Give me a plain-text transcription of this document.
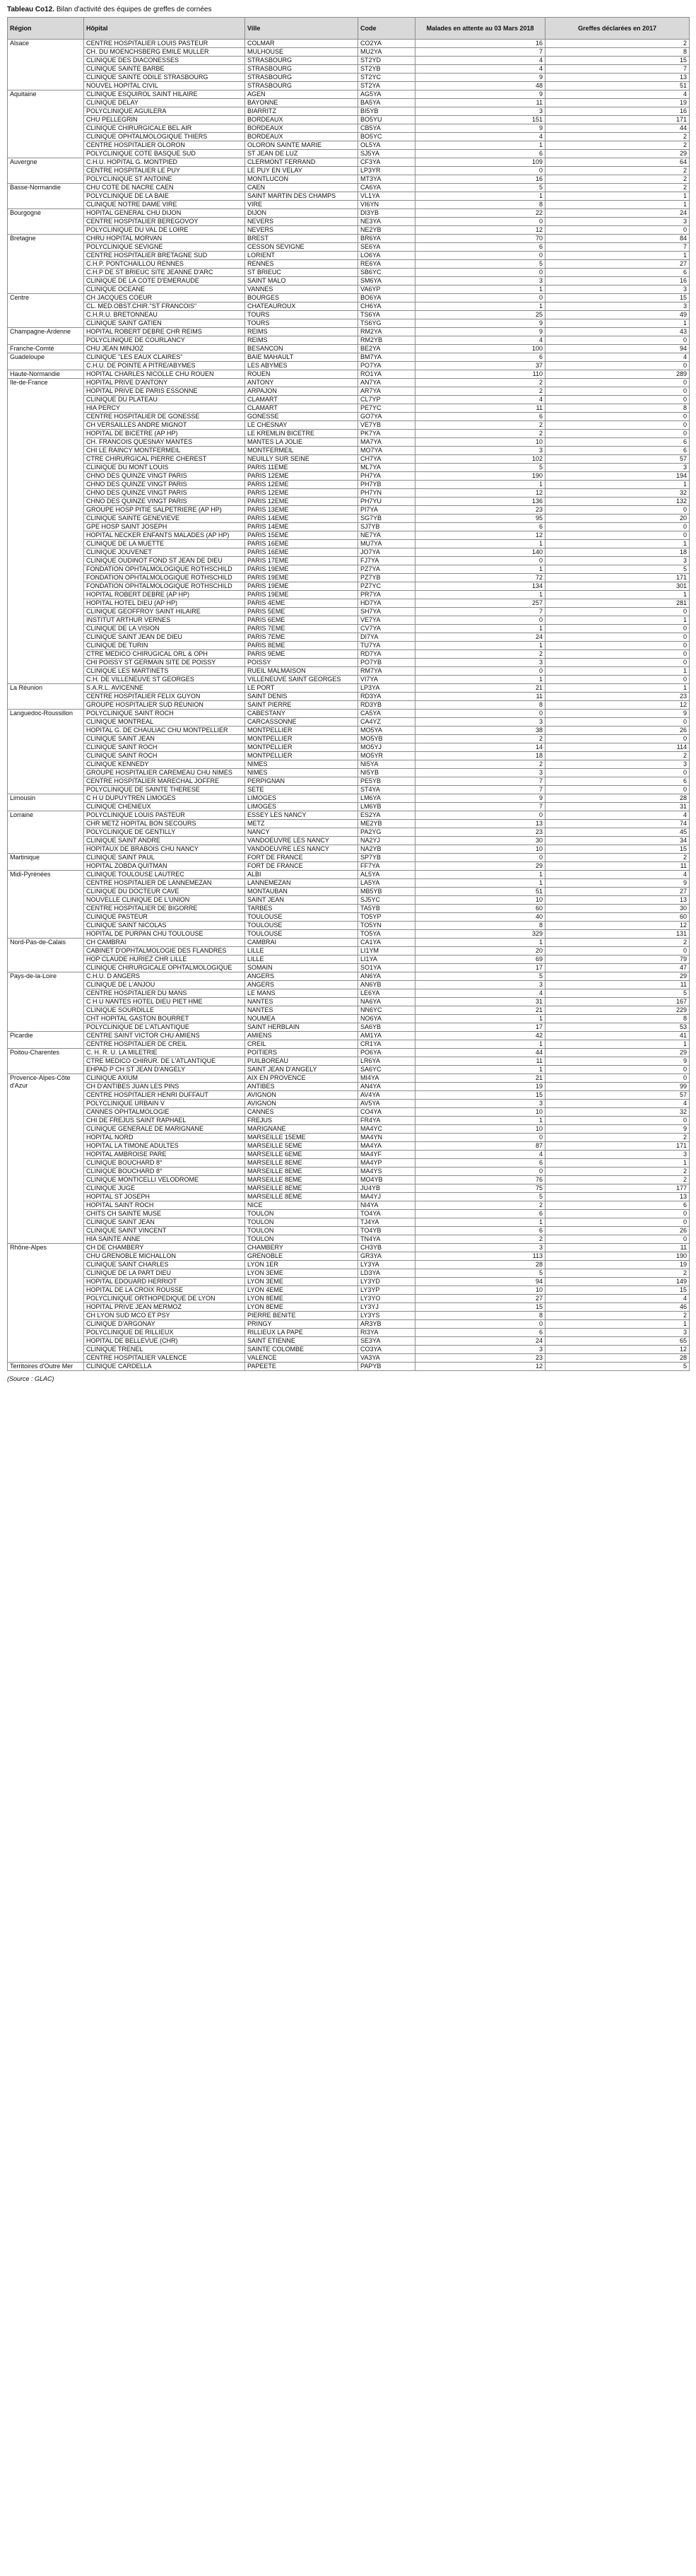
Tableau Co12. Bilan d'activité des équipes de greffes de cornées
Région	Hôpital	Ville	Code	Malades en attente au 03 Mars 2018	Greffes déclarées en 2017
Alsace	CENTRE HOSPITALIER LOUIS PASTEUR	COLMAR	CO2YA	16	2
	CH. DU MOENCHSBERG EMILE MULLER	MULHOUSE	MU2YA	7	8
	CLINIQUE DES DIACONESSES	STRASBOURG	ST2YD	4	15
	CLINIQUE SAINTE BARBE	STRASBOURG	ST2YB	4	7
	CLINIQUE SAINTE ODILE STRASBOURG	STRASBOURG	ST2YC	9	13
	NOUVEL HOPITAL CIVIL	STRASBOURG	ST2YA	48	51
Aquitaine	CLINIQUE ESQUIROL SAINT HILAIRE	AGEN	AG5YA	9	4
	CLINIQUE DELAY	BAYONNE	BA5YA	11	19
	POLYCLINIQUE AGUILERA	BIARRITZ	BI5YB	3	16
	CHU PELLEGRIN	BORDEAUX	BO5YU	151	171
	CLINIQUE CHIRURGICALE BEL AIR	BORDEAUX	CB5YA	9	44
	CLINIQUE OPHTALMOLOGIQUE THIERS	BORDEAUX	BO5YC	4	2
	CENTRE HOSPITALIER OLORON	OLORON SAINTE MARIE	OL5YA	1	2
	POLYCLINIQUE COTE BASQUE SUD	ST JEAN DE LUZ	SJ5YA	6	29
Auvergne	C.H.U. HOPITAL G. MONTPIED	CLERMONT FERRAND	CF3YA	109	64
	CENTRE HOSPITALIER LE PUY	LE PUY EN VELAY	LP3YR	0	2
	POLYCLINIQUE ST ANTOINE	MONTLUCON	MT3YA	16	2
Basse-Normandie	CHU COTE DE NACRE CAEN	CAEN	CA6YA	5	2
	POLYCLINIQUE DE LA BAIE	SAINT MARTIN DES CHAMPS	VL1YA	1	1
	CLINIQUE NOTRE DAME VIRE	VIRE	VI6YN	8	1
Bourgogne	HOPITAL GENERAL CHU DIJON	DIJON	DI3YB	22	24
	CENTRE HOSPITALIER BEREGOVOY	NEVERS	NE3YA	0	3
	POLYCLINIQUE DU VAL DE LOIRE	NEVERS	NE2YB	12	0
Bretagne	CHRU HOPITAL MORVAN	BREST	BR6YA	70	84
	POLYCLINIQUE SEVIGNE	CESSON SEVIGNE	SE6YA	6	7
	CENTRE HOSPITALIER BRETAGNE SUD	LORIENT	LO6YA	0	1
	C.H.P. PONTCHAILLOU RENNES	RENNES	RE6YA	5	27
	C.H.P DE ST BRIEUC SITE JEANNE D'ARC	ST BRIEUC	SB6YC	0	6
	CLINIQUE DE LA COTE D'EMERAUDE	SAINT MALO	SM6YA	3	16
	CLINIQUE OCEANE	VANNES	VA6YP	1	3
Centre	CH JACQUES COEUR	BOURGES	BO6YA	0	15
	CL. MED.OBST.CHIR."ST FRANCOIS"	CHATEAUROUX	CH6YA	1	3
	C.H.R.U. BRETONNEAU	TOURS	TS6YA	25	49
	CLINIQUE SAINT GATIEN	TOURS	TS6YG	9	1
Champagne-Ardenne	HOPITAL ROBERT DEBRE CHR REIMS	REIMS	RM2YA	9	43
	POLYCLINIQUE DE COURLANCY	REIMS	RM2YB	4	0
Franche-Comté	CHU JEAN MINJOZ	BESANCON	BE2YA	100	94
Guadeloupe	CLINIQUE "LES EAUX CLAIRES"	BAIE MAHAULT	BM7YA	6	4
	C.H.U. DE POINTE A PITRE/ABYMES	LES ABYMES	PO7YA	37	0
Haute-Normandie	HOPITAL CHARLES NICOLLE CHU ROUEN	ROUEN	RO1YA	110	289
Ile-de-France	HOPITAL PRIVE D'ANTONY	ANTONY	AN7YA	2	0
	HOPITAL PRIVE DE PARIS ESSONNE	ARPAJON	AR7YA	2	0
	CLINIQUE DU PLATEAU	CLAMART	CL7YP	4	0
	HIA PERCY	CLAMART	PE7YC	11	8
	CENTRE HOSPITALIER DE GONESSE	GONESSE	GO7YA	6	0
	CH VERSAILLES ANDRE MIGNOT	LE CHESNAY	VE7YB	2	0
	HOPITAL DE BICETRE (AP HP)	LE KREMLIN BICETRE	PK7YA	2	0
	CH. FRANCOIS QUESNAY MANTES	MANTES LA JOLIE	MA7YA	10	6
	CHI LE RAINCY MONTFERMEIL	MONTFERMEIL	MO7YA	3	6
	CTRE CHIRURGICAL PIERRE CHEREST	NEUILLY SUR SEINE	CH7YA	102	57
	CLINIQUE DU MONT LOUIS	PARIS 11EME	ML7YA	5	3
	CHNO DES QUINZE VINGT PARIS	PARIS 12EME	PH7YA	190	194
	CHNO DES QUINZE VINGT PARIS	PARIS 12EME	PH7YB	1	1
	CHNO DES QUINZE VINGT PARIS	PARIS 12EME	PH7YN	12	32
	CHNO DES QUINZE VINGT PARIS	PARIS 12EME	PH7YU	136	132
	GROUPE HOSP PITIE SALPETRIERE (AP HP)	PARIS 13EME	PI7YA	23	0
	CLINIQUE SAINTE GENEVIEVE	PARIS 14EME	SG7YB	95	20
	GPE HOSP SAINT JOSEPH	PARIS 14EME	SJ7YB	6	0
	HOPITAL NECKER ENFANTS MALADES (AP HP)	PARIS 15EME	NE7YA	12	0
	CLINIQUE DE LA MUETTE	PARIS 16EME	MU7YA	1	1
	CLINIQUE JOUVENET	PARIS 16EME	JO7YA	140	18
	CLINIQUE OUDINOT FOND ST JEAN DE DIEU	PARIS 17EME	FJ7YA	0	3
	FONDATION OPHTALMOLOGIQUE ROTHSCHILD	PARIS 19EME	PZ7YA	1	5
	FONDATION OPHTALMOLOGIQUE ROTHSCHILD	PARIS 19EME	PZ7YB	72	171
	FONDATION OPHTALMOLOGIQUE ROTHSCHILD	PARIS 19EME	PZ7YC	134	301
	HOPITAL ROBERT DEBRE (AP HP)	PARIS 19EME	PR7YA	1	1
	HOPITAL HOTEL DIEU (AP HP)	PARIS 4EME	HD7YA	257	281
	CLINIQUE GEOFFROY SAINT HILAIRE	PARIS 5EME	SH7YA	7	0
	INSTITUT ARTHUR VERNES	PARIS 6EME	VE7YA	0	1
	CLINIQUE DE LA VISION	PARIS 7EME	CV7YA	1	0
	CLINIQUE SAINT JEAN DE DIEU	PARIS 7EME	DI7YA	24	0
	CLINIQUE DE TURIN	PARIS 8EME	TU7YA	1	0
	CTRE MEDICO CHIRUGICAL ORL & OPH	PARIS 9EME	RD7YA	2	0
	CHI POISSY ST GERMAIN SITE DE POISSY	POISSY	PO7YB	3	0
	CLINIQUE LES MARTINETS	RUEIL MALMAISON	RM7YA	0	1
	C.H. DE VILLENEUVE ST GEORGES	VILLENEUVE SAINT GEORGES	VI7YA	1	0
La Réunion	S.A.R.L. AVICENNE	LE PORT	LP3YA	21	1
	CENTRE HOSPITALIER FELIX GUYON	SAINT DENIS	RD3YA	11	23
	GROUPE HOSPITALIER SUD REUNION	SAINT PIERRE	RD3YB	8	12
Languedoc-Roussillon	POLYCLINIQUE SAINT ROCH	CABESTANY	CA5YA	0	9
	CLINIQUE MONTREAL	CARCASSONNE	CA4YZ	3	0
	HOPITAL G. DE CHAULIAC CHU MONTPELLIER	MONTPELLIER	MO5YA	38	26
	CLINIQUE SAINT JEAN	MONTPELLIER	MO5YB	2	0
	CLINIQUE SAINT ROCH	MONTPELLIER	MO5YJ	14	114
	CLINIQUE SAINT ROCH	MONTPELLIER	MO5YR	18	2
	CLINIQUE KENNEDY	NIMES	NI5YA	2	3
	GROUPE HOSPITALIER CAREMEAU CHU NIMES	NIMES	NI5YB	3	0
	CENTRE HOSPITALIER MARECHAL JOFFRE	PERPIGNAN	PE5YB	7	6
	POLYCLINIQUE DE SAINTE THERESE	SETE	ST4YA	7	0
Limousin	C H U DUPUYTREN LIMOGES	LIMOGES	LM6YA	9	28
	CLINIQUE CHENIEUX	LIMOGES	LM6YB	7	31
Lorraine	POLYCLINIQUE LOUIS PASTEUR	ESSEY LES NANCY	ES2YA	0	4
	CHR METZ HOPITAL BON SECOURS	METZ	ME2YB	13	74
	POLYCLINIQUE DE GENTILLY	NANCY	PA2YG	23	45
	CLINIQUE SAINT ANDRE	VANDOEUVRE LES NANCY	NA2YJ	30	34
	HOPITAUX DE BRABOIS CHU NANCY	VANDOEUVRE LES NANCY	NA2YB	10	15
Martinique	CLINIQUE SAINT PAUL	FORT DE FRANCE	SP7YB	0	2
	HOPITAL ZOBDA QUITMAN	FORT DE FRANCE	FF7YA	29	11
Midi-Pyrénées	CLINIQUE TOULOUSE LAUTREC	ALBI	AL5YA	1	4
	CENTRE HOSPITALIER DE LANNEMEZAN	LANNEMEZAN	LA5YA	1	9
	CLINIQUE DU DOCTEUR CAVE	MONTAUBAN	MB5YB	51	27
	NOUVELLE CLINIQUE DE L'UNION	SAINT JEAN	SJ5YC	10	13
	CENTRE HOSPITALIER DE BIGORRE	TARBES	TA5YB	60	30
	CLINIQUE PASTEUR	TOULOUSE	TO5YP	40	60
	CLINIQUE SAINT NICOLAS	TOULOUSE	TO5YN	8	12
	HOPITAL DE PURPAN CHU TOULOUSE	TOULOUSE	TO5YA	329	131
Nord-Pas-de-Calais	CH CAMBRAI	CAMBRAI	CA1YA	1	2
	CABINET D'OPHTALMOLOGIE DES FLANDRES	LILLE	LI1YM	20	0
	HOP CLAUDE HURIEZ CHR LILLE	LILLE	LI1YA	69	79
	CLINIQUE CHIRURGICALE OPHTALMOLOGIQUE	SOMAIN	SO1YA	17	47
Pays-de-la-Loire	C.H.U. D ANGERS	ANGERS	AN6YA	5	29
	CLINIQUE DE L'ANJOU	ANGERS	AN6YB	3	11
	CENTRE HOSPITALIER DU MANS	LE MANS	LE6YA	4	5
	C H U NANTES HOTEL DIEU PIET HME	NANTES	NA6YA	31	167
	CLINIQUE SOURDILLE	NANTES	NN6YC	21	229
	CHT HOPITAL GASTON BOURRET	NOUMEA	NO6YA	1	8
	POLYCLINIQUE DE L'ATLANTIQUE	SAINT HERBLAIN	SA6YB	17	53
Picardie	CENTRE SAINT VICTOR CHU AMIENS	AMIENS	AM1YA	42	41
	CENTRE HOSPITALIER DE CREIL	CREIL	CR1YA	1	1
Poitou-Charentes	C. H. R. U. LA MILETRIE	POITIERS	PO6YA	44	29
	CTRE MEDICO CHIRUR. DE L'ATLANTIQUE	PUILBOREAU	LR6YA	11	9
	EHPAD P CH ST JEAN D'ANGELY	SAINT JEAN D'ANGELY	SA6YC	1	0
Provence-Alpes-Côte d'Azur	CLINIQUE AXIUM	AIX EN PROVENCE	MI4YA	21	0
	CH D'ANTIBES JUAN LES PINS	ANTIBES	AN4YA	19	99
	CENTRE HOSPITALIER HENRI DUFFAUT	AVIGNON	AV4YA	15	57
	POLYCLINIQUE URBAIN V	AVIGNON	AV5YA	3	4
	CANNES OPHTALMOLOGIE	CANNES	CO4YA	10	32
	CHI DE FREJUS SAINT RAPHAEL	FREJUS	FR4YA	1	0
	CLINIQUE GENERALE DE MARIGNANE	MARIGNANE	MA4YC	10	9
	HOPITAL NORD	MARSEILLE 15EME	MA4YN	0	2
	HOPITAL LA TIMONE ADULTES	MARSEILLE 5EME	MA4YA	87	171
	HOPITAL AMBROISE PARE	MARSEILLE 6EME	MA4YF	4	3
	CLINIQUE BOUCHARD 8°	MARSEILLE 8EME	MA4YP	6	1
	CLINIQUE BOUCHARD 8°	MARSEILLE 8EME	MA4YS	0	2
	CLINIQUE MONTICELLI VELODROME	MARSEILLE 8EME	MO4YB	76	2
	CLINIQUE JUGE	MARSEILLE 8EME	JU4YB	75	177
	HOPITAL ST JOSEPH	MARSEILLE 8EME	MA4YJ	5	13
	HOPITAL SAINT ROCH	NICE	NI4YA	2	6
	CHITS CH SAINTE MUSE	TOULON	TO4YA	6	0
	CLINIQUE SAINT JEAN	TOULON	TJ4YA	1	0
	CLINIQUE SAINT VINCENT	TOULON	TO4YB	6	26
	HIA SAINTE ANNE	TOULON	TN4YA	2	0
Rhône-Alpes	CH DE CHAMBERY	CHAMBERY	CH3YB	3	11
	CHU GRENOBLE MICHALLON	GRENOBLE	GR3YA	113	190
	CLINIQUE SAINT CHARLES	LYON 1ER	LY3YA	28	19
	CLINIQUE DE LA PART DIEU	LYON 3EME	LD3YA	5	2
	HOPITAL EDOUARD HERRIOT	LYON 3EME	LY3YD	94	149
	HOPITAL DE LA CROIX ROUSSE	LYON 4EME	LY3YP	10	15
	POLYCLINIQUE ORTHOPEDIQUE DE LYON	LYON 8EME	LY3YO	27	4
	HOPITAL PRIVE JEAN MERMOZ	LYON 8EME	LY3YJ	15	46
	CH LYON SUD MCO ET PSY	PIERRE BENITE	LY3YS	8	2
	CLINIQUE D'ARGONAY	PRINGY	AR3YB	0	1
	POLYCLINIQUE DE RILLIEUX	RILLIEUX LA PAPE	RI3YA	6	3
	HOPITAL DE BELLEVUE (CHR)	SAINT ETIENNE	SE3YA	24	65
	CLINIQUE TRENEL	SAINTE COLOMBE	CO3YA	3	12
	CENTRE HOSPITALIER VALENCE	VALENCE	VA3YA	23	28
Territoires d'Outre Mer	CLINIQUE CARDELLA	PAPEETE	PAPYB	12	5
(Source : GLAC)
